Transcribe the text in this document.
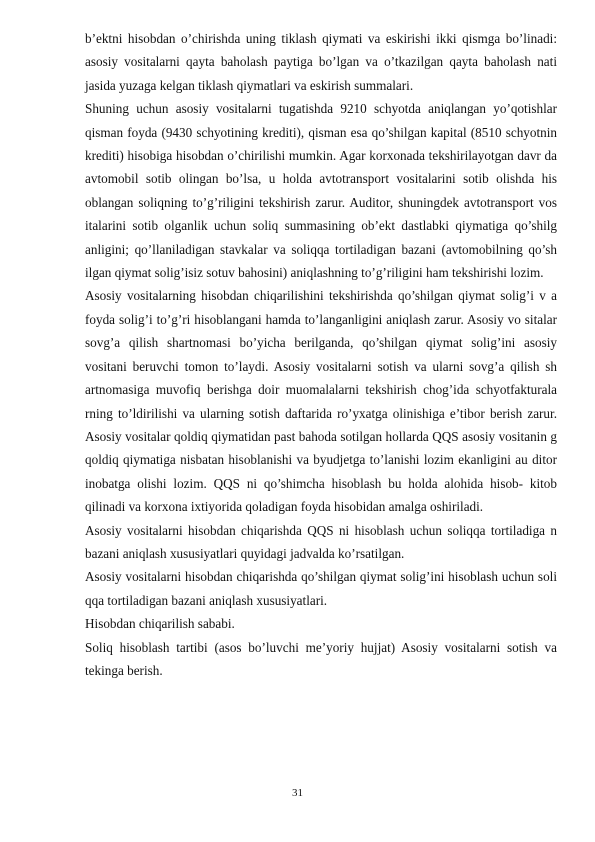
b’ektni hisobdan o’chirishda uning tiklash qiymati va eskirishi ikki qismga bo’linadi: asosiy vositalarni qayta baholash paytiga bo’lgan va o’tkazilgan qayta baholash nati jasida yuzaga kelgan tiklash qiymatlari va eskirish summalari.

Shuning uchun asosiy vositalarni tugatishda 9210 schyotda aniqlangan yo’qotishlar qisman foyda (9430 schyotining krediti), qisman esa qo’shilgan kapital (8510 schyotnin krediti) hisobiga hisobdan o’chirilishi mumkin. Agar korxonada tekshirilayotgan davr da avtomobil sotib olingan bo’lsa, u holda avtotransport vositalarini sotib olishda his oblangan soliqning to’g’riligini tekshirish zarur. Auditor, shuningdek avtotransport vos italarini sotib olganlik uchun soliq summasining ob’ekt dastlabki qiymatiga qo’shilg anligini; qo’llaniladigan stavkalar va soliqqa tortiladigan bazani (avtomobilning qo’sh ilgan qiymat solig’isiz sotuv bahosini) aniqlashning to’g’riligini ham tekshirishi lozim.

Asosiy vositalarning hisobdan chiqarilishini tekshirishda qo’shilgan qiymat solig’i v a foyda solig’i to’g’ri hisoblangani hamda to’langanligini aniqlash zarur. Asosiy vo sitalar sovg’a qilish shartnomasi bo’yicha berilganda, qo’shilgan qiymat solig’ini asosiy vositani beruvchi tomon to’laydi. Asosiy vositalarni sotish va ularni sovg’a qilish sh artnomasiga muvofiq berishga doir muomalalarni tekshirish chog’ida schyotfakturala rning to’ldirilishi va ularning sotish daftarida ro’yxatga olinishiga e’tibor berish zarur. Asosiy vositalar qoldiq qiymatidan past bahoda sotilgan hollarda QQS asosiy vositanin g qoldiq qiymatiga nisbatan hisoblanishi va byudjetga to’lanishi lozim ekanligini au ditor inobatga olishi lozim. QQS ni qo’shimcha hisoblash bu holda alohida hisob- kitob qilinadi va korxona ixtiyorida qoladigan foyda hisobidan amalga oshiriladi.

Asosiy vositalarni hisobdan chiqarishda QQS ni hisoblash uchun soliqqa tortiladiga n bazani aniqlash xususiyatlari quyidagi jadvalda ko’rsatilgan.

Asosiy vositalarni hisobdan chiqarishda qo’shilgan qiymat solig’ini hisoblash uchun soli qqa tortiladigan bazani aniqlash xususiyatlari.

Hisobdan chiqarilish sababi.

Soliq hisoblash tartibi (asos bo’luvchi me’yoriy hujjat) Asosiy vositalarni sotish va tekinga berish.

31
